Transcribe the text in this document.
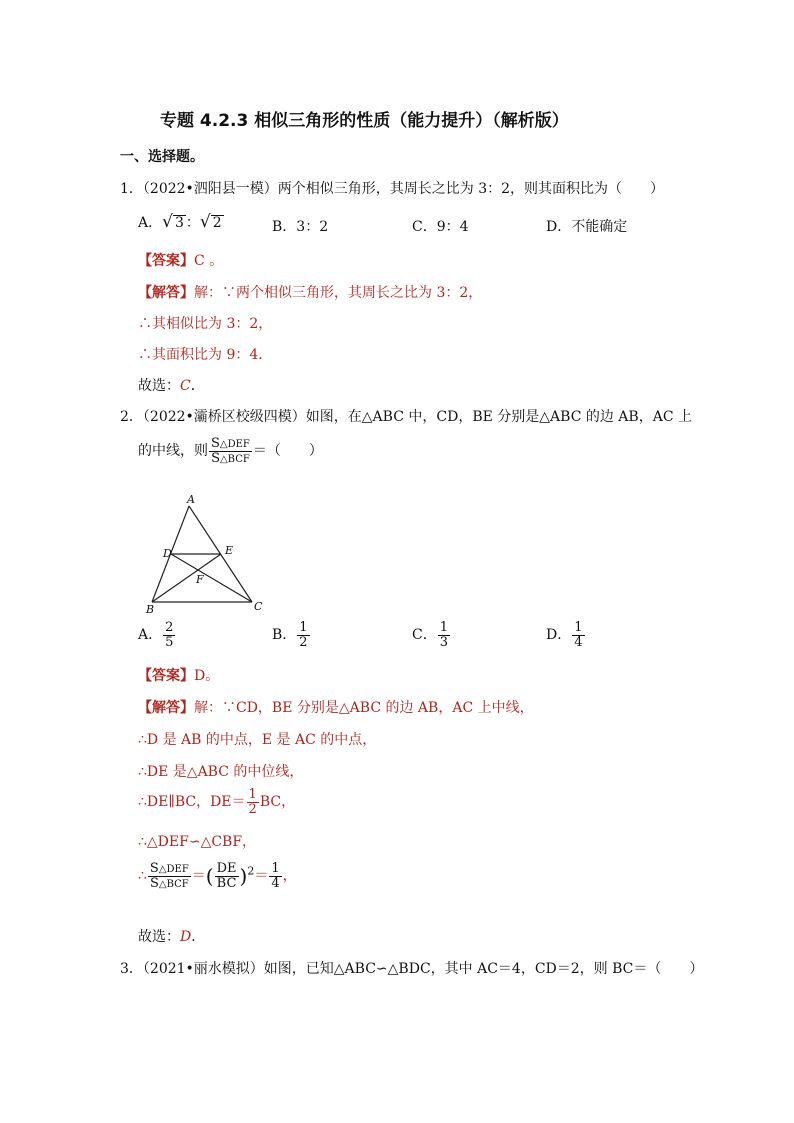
专题 4.2.3 相似三角形的性质（能力提升）（解析版）
一、选择题。
1．（2022•泗阳县一模）两个相似三角形，其周长之比为 3：2，则其面积比为（　　）
A． √ 3 ： √ 2	B．3：2	C．9：4	D．不能确定
【答案】C 。
【解答】解：∵两个相似三角形，其周长之比为 3：2，
∴其相似比为 3：2，
∴其面积比为 9：4．
故选：C．
2．（2022•灞桥区校级四模）如图，在△ABC 中，CD，BE 分别是△ABC 的边 AB，AC 上
的中线，则 $\frac{\text{S△DEF}}{\text{S△BCF}}$ ＝（　　）
A
D	E
F
B	C
A． $\frac{2}{5}$	B． $\frac{1}{2}$	C． $\frac{1}{3}$	D． $\frac{1}{4}$
【答案】D。
【解答】解：∵CD，BE 分别是△ABC 的边 AB，AC 上中线，
∴D 是 AB 的中点，E 是 AC 的中点，
∴DE 是△ABC 的中位线，
∴DE∥BC，$DE= \frac{1}{2}$ BC，
∴△DEF∽△CBF，
∴ $\frac{\text{S△DEF}}{\text{S△BCF}}$ ＝( $\frac{DE}{BC} )^2= \frac{1}{4}$ ，
故选：D．
3．（2021•丽水模拟）如图，已知△ABC∽△BDC，其中 AC＝4，CD＝2，则 BC＝（　　）
